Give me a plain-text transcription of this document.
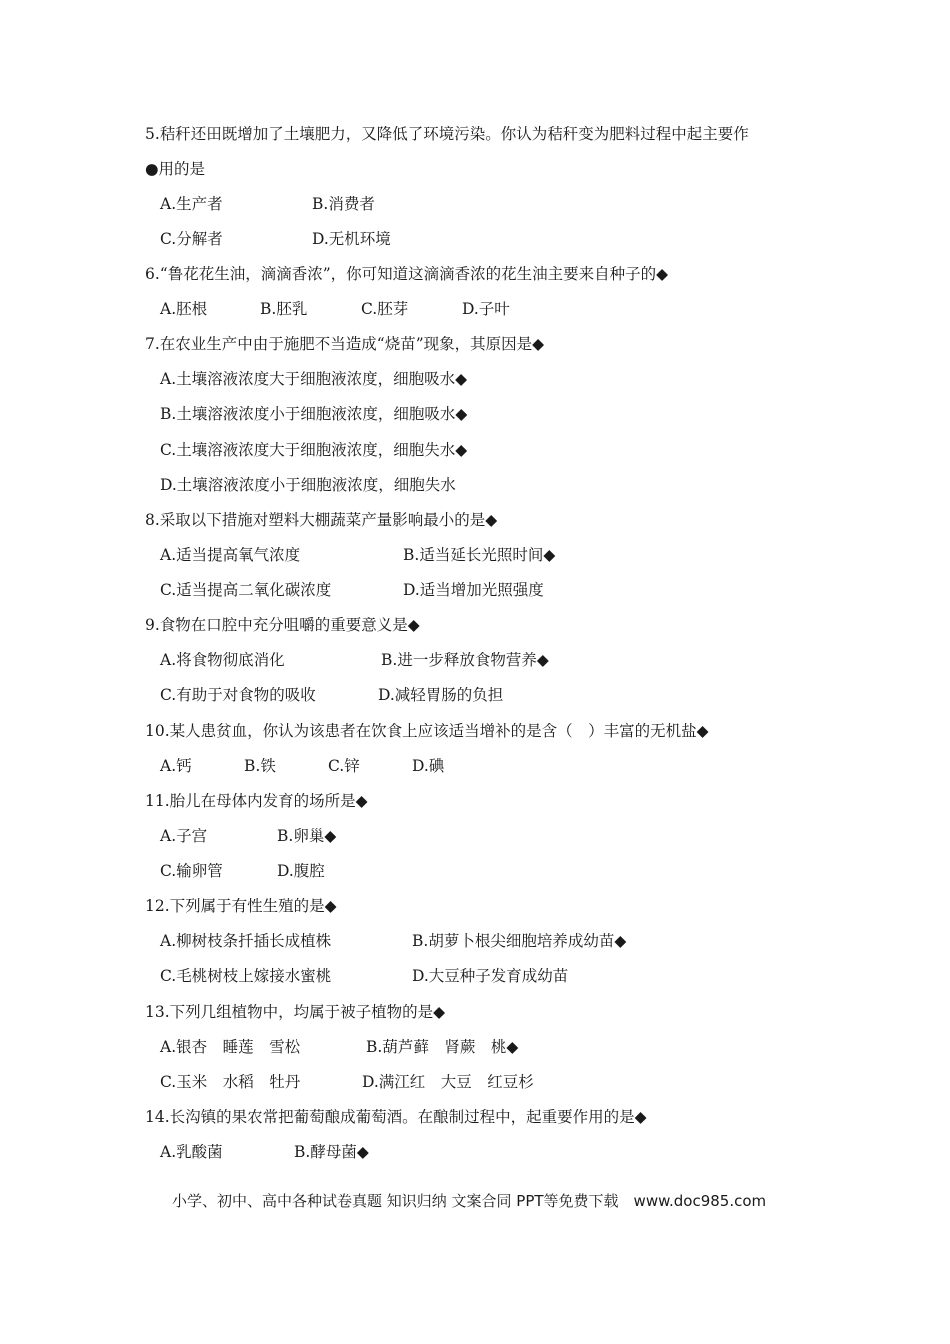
5.秸秆还田既增加了土壤肥力，又降低了环境污染。你认为秸秆变为肥料过程中起主要作
●用的是
A.生产者	B.消费者
C.分解者	D.无机环境
6.“鲁花花生油，滴滴香浓”，你可知道这滴滴香浓的花生油主要来自种子的◆
A.胚根	B.胚乳	C.胚芽	D.子叶
7.在农业生产中由于施肥不当造成“烧苗”现象，其原因是◆
A.土壤溶液浓度大于细胞液浓度，细胞吸水◆
B.土壤溶液浓度小于细胞液浓度，细胞吸水◆
C.土壤溶液浓度大于细胞液浓度，细胞失水◆
D.土壤溶液浓度小于细胞液浓度，细胞失水
8.采取以下措施对塑料大棚蔬菜产量影响最小的是◆
A.适当提高氧气浓度	B.适当延长光照时间◆
C.适当提高二氧化碳浓度	D.适当增加光照强度
9.食物在口腔中充分咀嚼的重要意义是◆
A.将食物彻底消化	B.进一步释放食物营养◆
C.有助于对食物的吸收	D.减轻胃肠的负担
10.某人患贫血，你认为该患者在饮食上应该适当增补的是含（　）丰富的无机盐◆
A.钙	B.铁	C.锌	D.碘
11.胎儿在母体内发育的场所是◆
A.子宫	B.卵巢◆
C.输卵管	D.腹腔
12.下列属于有性生殖的是◆
A.柳树枝条扦插长成植株	B.胡萝卜根尖细胞培养成幼苗◆
C.毛桃树枝上嫁接水蜜桃	D.大豆种子发育成幼苗
13.下列几组植物中，均属于被子植物的是◆
A.银杏　睡莲　雪松	B.葫芦藓　肾蕨　桃◆
C.玉米　水稻　牡丹	D.满江红　大豆　红豆杉
14.长沟镇的果农常把葡萄酿成葡萄酒。在酿制过程中，起重要作用的是◆
A.乳酸菌	B.酵母菌◆
小学、初中、高中各种试卷真题 知识归纳 文案合同 PPT等免费下载　www.doc985.com
